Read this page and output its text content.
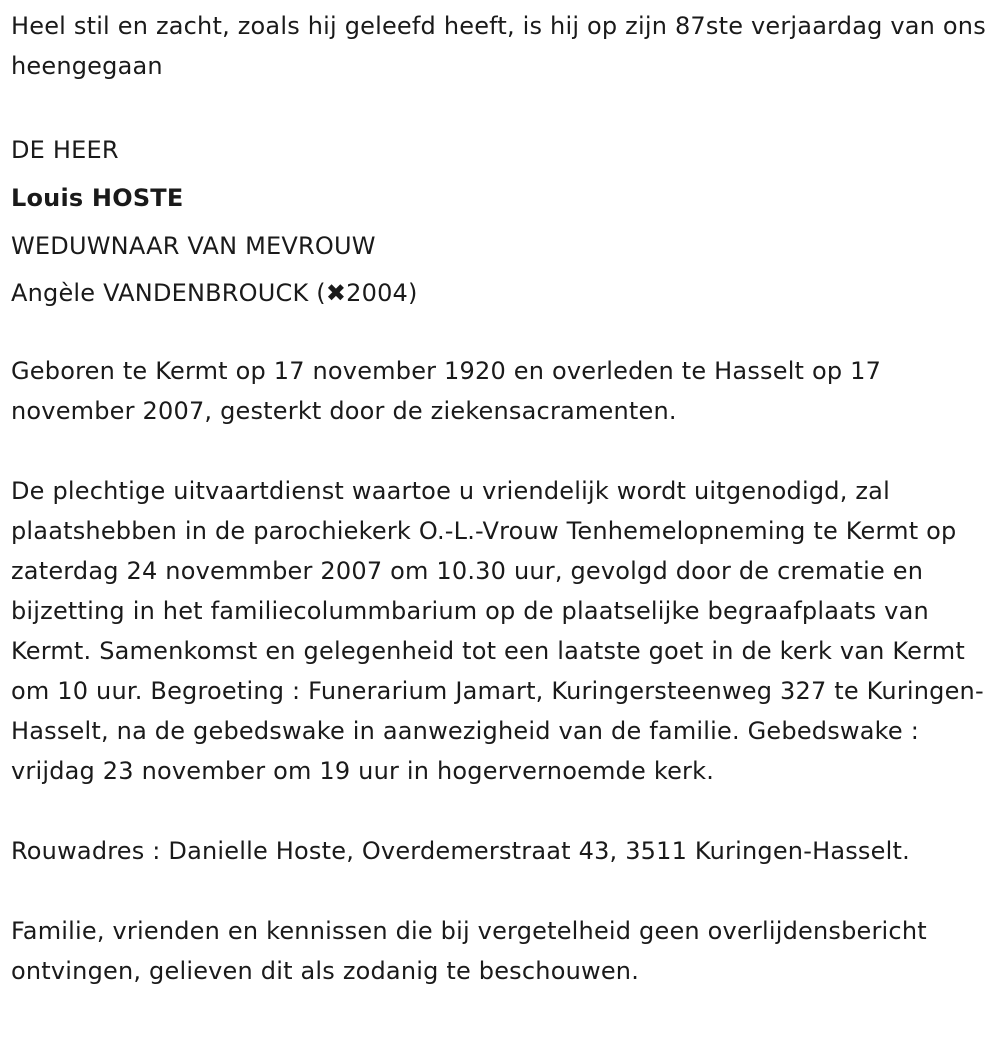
Heel stil en zacht, zoals hij geleefd heeft, is hij op zijn 87ste verjaardag van ons heengegaan

DE HEER
Louis HOSTE
WEDUWNAAR VAN MEVROUW
Angèle VANDENBROUCK (✖2004)

Geboren te Kermt op 17 november 1920 en overleden te Hasselt op 17 november 2007, gesterkt door de ziekensacramenten.

De plechtige uitvaartdienst waartoe u vriendelijk wordt uitgenodigd, zal plaatshebben in de parochiekerk O.-L.-Vrouw Tenhemelopneming te Kermt op zaterdag 24 novemmber 2007 om 10.30 uur, gevolgd door de crematie en bijzetting in het familiecolummbarium op de plaatselijke begraafplaats van Kermt. Samenkomst en gelegenheid tot een laatste goet in de kerk van Kermt om 10 uur. Begroeting : Funerarium Jamart, Kuringersteenweg 327 te Kuringen-Hasselt, na de gebedswake in aanwezigheid van de familie. Gebedswake : vrijdag 23 november om 19 uur in hogervernoemde kerk.

Rouwadres : Danielle Hoste, Overdemerstraat 43, 3511 Kuringen-Hasselt.

Familie, vrienden en kennissen die bij vergetelheid geen overlijdensbericht ontvingen, gelieven dit als zodanig te beschouwen.
